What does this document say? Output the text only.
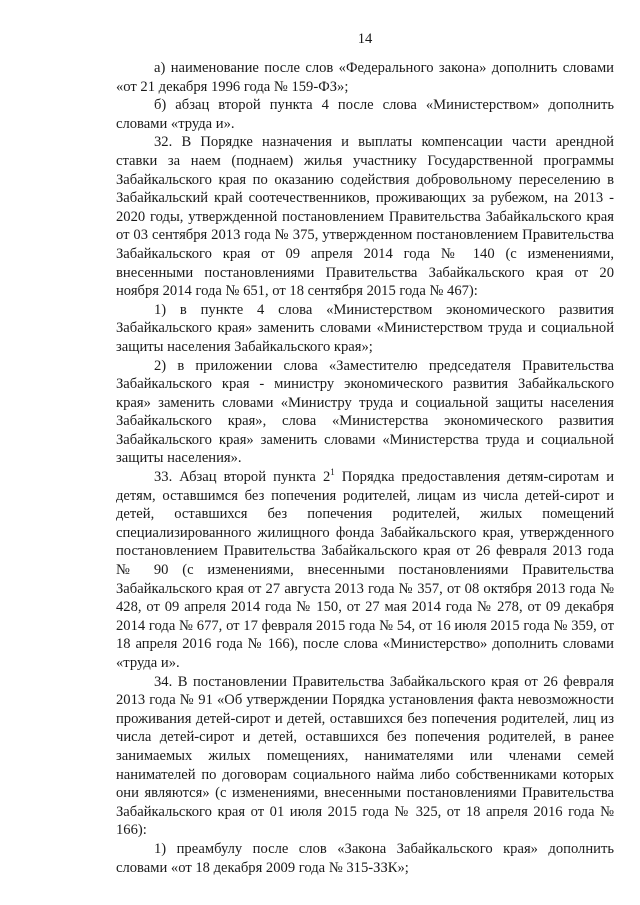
14

а) наименование после слов «Федерального закона» дополнить словами «от 21 декабря 1996 года № 159-ФЗ»;

б) абзац второй пункта 4 после слова «Министерством» дополнить словами «труда и».

32. В Порядке назначения и выплаты компенсации части арендной ставки за наем (поднаем) жилья участнику Государственной программы Забайкальского края по оказанию содействия добровольному переселению в Забайкальский край соотечественников, проживающих за рубежом, на 2013 - 2020 годы, утвержденной постановлением Правительства Забайкальского края от 03 сентября 2013 года № 375, утвержденном постановлением Правительства Забайкальского края от 09 апреля 2014 года № 140 (с изменениями, внесенными постановлениями Правительства Забайкальского края от 20 ноября 2014 года № 651, от 18 сентября 2015 года № 467):

1) в пункте 4 слова «Министерством экономического развития Забайкальского края» заменить словами «Министерством труда и социальной защиты населения Забайкальского края»;

2) в приложении слова «Заместителю председателя Правительства Забайкальского края - министру экономического развития Забайкальского края» заменить словами «Министру труда и социальной защиты населения Забайкальского края», слова «Министерства экономического развития Забайкальского края» заменить словами «Министерства труда и социальной защиты населения».

33. Абзац второй пункта $2^1$ Порядка предоставления детям-сиротам и детям, оставшимся без попечения родителей, лицам из числа детей-сирот и детей, оставшихся без попечения родителей, жилых помещений специализированного жилищного фонда Забайкальского края, утвержденного постановлением Правительства Забайкальского края от 26 февраля 2013 года № 90 (с изменениями, внесенными постановлениями Правительства Забайкальского края от 27 августа 2013 года № 357, от 08 октября 2013 года № 428, от 09 апреля 2014 года № 150, от 27 мая 2014 года № 278, от 09 декабря 2014 года № 677, от 17 февраля 2015 года № 54, от 16 июля 2015 года № 359, от 18 апреля 2016 года № 166), после слова «Министерство» дополнить словами «труда и».

34. В постановлении Правительства Забайкальского края от 26 февраля 2013 года № 91 «Об утверждении Порядка установления факта невозможности проживания детей-сирот и детей, оставшихся без попечения родителей, лиц из числа детей-сирот и детей, оставшихся без попечения родителей, в ранее занимаемых жилых помещениях, нанимателями или членами семей нанимателей по договорам социального найма либо собственниками которых они являются» (с изменениями, внесенными постановлениями Правительства Забайкальского края от 01 июля 2015 года № 325, от 18 апреля 2016 года № 166):

1) преамбулу после слов «Закона Забайкальского края» дополнить словами «от 18 декабря 2009 года № 315-ЗЗК»;
